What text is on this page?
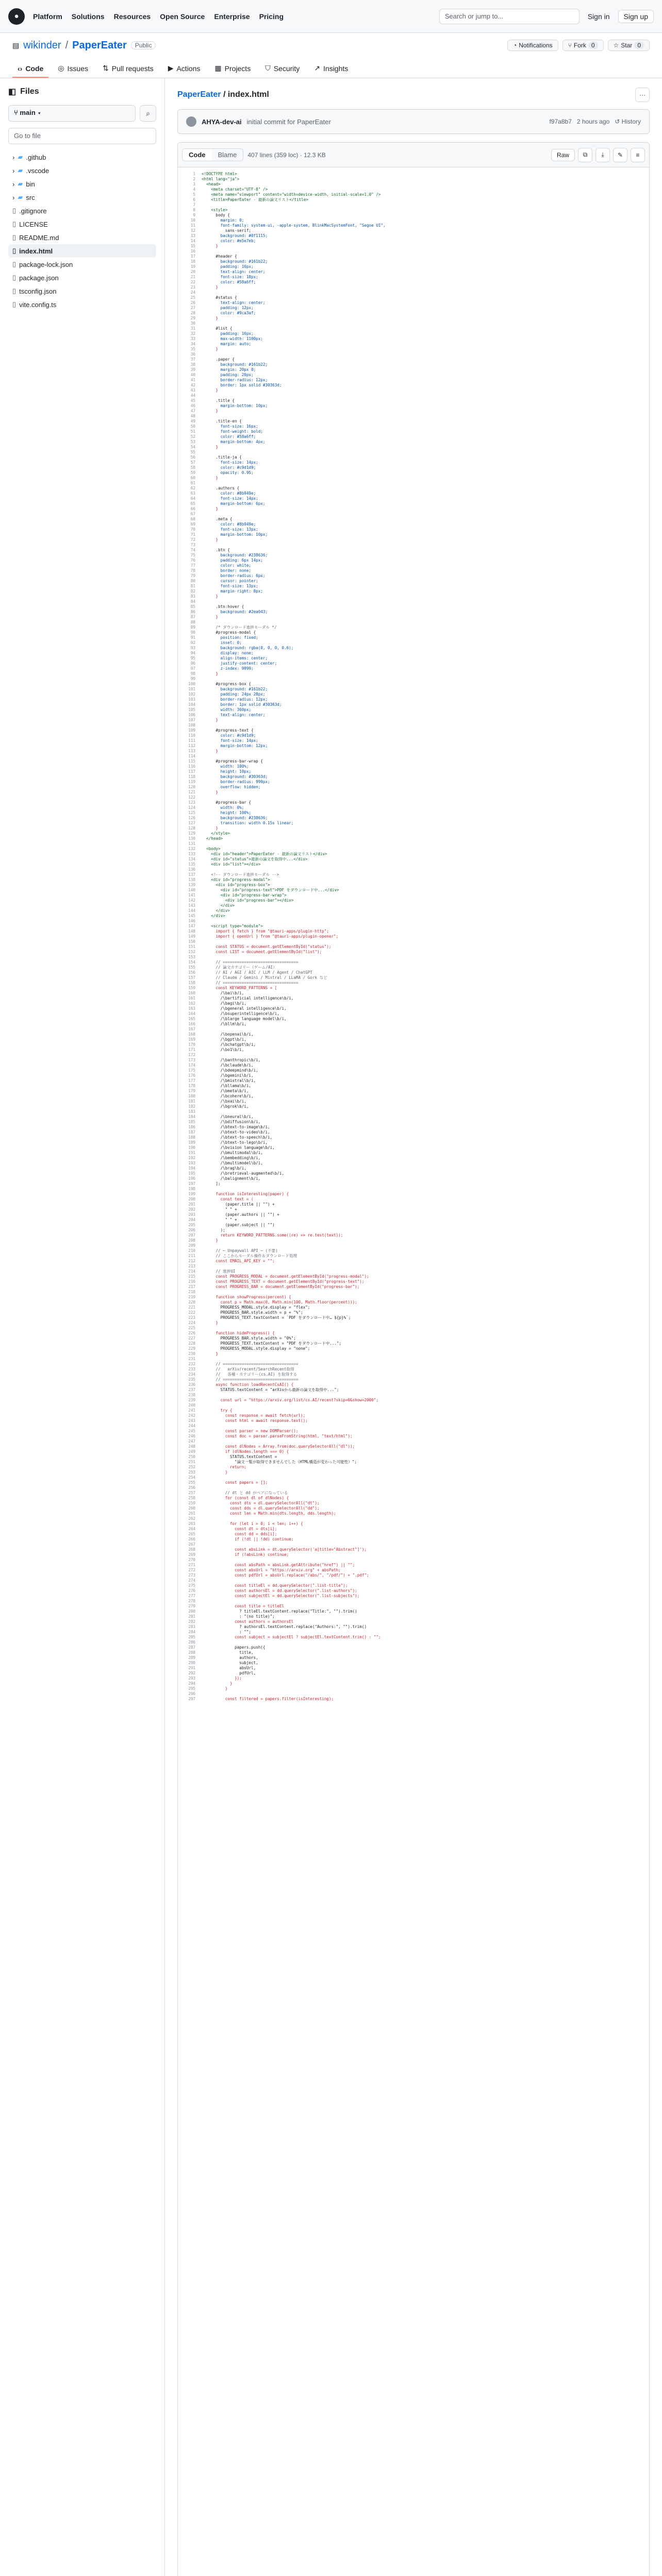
●	Platform Solutions Resources Open Source Enterprise Pricing	Search or jump to...	Sign in	Sign up
▤ wikinder / PaperEater	Public	◔ Notifications	⑂ Fork 0	☆ Star 0
‹› Code ◎ Issues ⇅ Pull requests ▶ Actions ▦ Projects ⛉ Security ↗ Insights
◧ Files
⑂ main ▾	⌕
Go to file
› ▰ .github
› ▰ .vscode
› ▰ bin
› ▰ src
▯ .gitignore
▯ LICENSE
▯ README.md
▯ index.html
▯ package-lock.json
▯ package.json
▯ tsconfig.json
▯ vite.config.ts
PaperEater / index.html	···
AHYA-dev-ai initial commit for PaperEater	f97a8b7 2 hours ago ↺ History
Code	Blame	407 lines (359 loc) · 12.3 KB	Raw	⧉	⤓	✎	≡
1	<!DOCTYPE html>
2	<html lang="ja">
3	<head>
4	<meta charset="UTF-8" />
5	<meta name="viewport" content="width=device-width, initial-scale=1.0" />
6	<title>PaperEater - 最新の論文リスト</title>
7
8	<style>
9	body {
10	margin: 0;
11	font-family: system-ui, -apple-system, BlinkMacSystemFont, "Segoe UI",
12	sans-serif;
13	background: #0f1115;
14	color: #e5e7eb;
15	}
16
17	#header {
18	background: #161b22;
19	padding: 16px;
20	text-align: center;
21	font-size: 18px;
22	color: #58a6ff;
23	}
24
25	#status {
26	text-align: center;
27	padding: 12px;
28	color: #9ca3af;
29	}
30
31	#list {
32	padding: 16px;
33	max-width: 1100px;
34	margin: auto;
35	}
36
37	.paper {
38	background: #161b22;
39	margin: 20px 0;
40	padding: 20px;
41	border-radius: 12px;
42	border: 1px solid #30363d;
43	}
44
45	.title {
46	margin-bottom: 10px;
47	}
48
49	.title-en {
50	font-size: 16px;
51	font-weight: bold;
52	color: #58a6ff;
53	margin-bottom: 4px;
54	}
55
56	.title-ja {
57	font-size: 14px;
58	color: #c9d1d9;
59	opacity: 0.95;
60	}
61
62	.authors {
63	color: #8b949e;
64	font-size: 14px;
65	margin-bottom: 6px;
66	}
67
68	.meta {
69	color: #8b949e;
70	font-size: 13px;
71	margin-bottom: 10px;
72	}
73
74	.btn {
75	background: #238636;
76	padding: 6px 14px;
77	color: white;
78	border: none;
79	border-radius: 6px;
80	cursor: pointer;
81	font-size: 13px;
82	margin-right: 8px;
83	}
84
85	.btn:hover {
86	background: #2ea043;
87	}
88
89	/* ダウンロード進捗モーダル */
90	#progress-modal {
91	position: fixed;
92	inset: 0;
93	background: rgba(0, 0, 0, 0.6);
94	display: none;
95	align-items: center;
96	justify-content: center;
97	z-index: 9999;
98	}
99
100	#progress-box {
101	background: #161b22;
102	padding: 24px 28px;
103	border-radius: 12px;
104	border: 1px solid #30363d;
105	width: 360px;
106	text-align: center;
107	}
108
109	#progress-text {
110	color: #c9d1d9;
111	font-size: 14px;
112	margin-bottom: 12px;
113	}
114
115	#progress-bar-wrap {
116	width: 100%;
117	height: 10px;
118	background: #30363d;
119	border-radius: 999px;
120	overflow: hidden;
121	}
122
123	#progress-bar {
124	width: 0%;
125	height: 100%;
126	background: #238636;
127	transition: width 0.15s linear;
128	}
129	</style>
130	</head>
131
132	<body>
133	<div id="header">PaperEater - 最新の論文リスト</div>
134	<div id="status">最新の論文を取得中...</div>
135	<div id="list"></div>
136
137	<!-- ダウンロード進捗モーダル -->
138	<div id="progress-modal">
139	<div id="progress-box">
140	<div id="progress-text">PDF をダウンロード中...</div>
141	<div id="progress-bar-wrap">
142	<div id="progress-bar"></div>
143	</div>
144	</div>
145	</div>
146
147	<script type="module">
148	import { fetch } from "@tauri-apps/plugin-http";
149	import { openUrl } from "@tauri-apps/plugin-opener";
150
151	const STATUS = document.getElementById("status");
152	const LIST = document.getElementById("list");
153
154	// ================================
155	// 論文カテゴリー（ゲーム/AI）
156	// AI / AGI / AIC / LLM / Agent / ChatGPT
157	// Claude / Gemini / Mistral / LLaMA / Gork など
158	// ================================
159	const KEYWORD_PATTERNS = [
160	/\bai\b/i,
161	/\bartificial intelligence\b/i,
162	/\bagi\b/i,
163	/\bgeneral intelligence\b/i,
164	/\bsuperintelligence\b/i,
165	/\blarge language model\b/i,
166	/\bllm\b/i,
167
168	/\bopenai\b/i,
169	/\bgpt\b/i,
170	/\bchatgpt\b/i,
171	/\bo1\b/i,
172
173	/\banthropic\b/i,
174	/\bclaude\b/i,
175	/\bdeepmind\b/i,
176	/\bgemini\b/i,
177	/\bmistral\b/i,
178	/\bllama\b/i,
179	/\bmeta\b/i,
180	/\bcohere\b/i,
181	/\bxai\b/i,
182	/\bgrok\b/i,
183
184	/\bneural\b/i,
185	/\bdiffusion\b/i,
186	/\btext-to-image\b/i,
187	/\btext-to-video\b/i,
188	/\btext-to-speech\b/i,
189	/\btext-to-lego\b/i,
190	/\bvision language\b/i,
191	/\bmultimodal\b/i,
192	/\bembedding\b/i,
193	/\bmultimodel\b/i,
194	/\brag\b/i,
195	/\bretrieval-augmented\b/i,
196	/\balignment\b/i,
197	];
198
199	function isInteresting(paper) {
200	const text = (
201	(paper.title || "") +
202	" " +
203	(paper.authors || "") +
204	" " +
205	(paper.subject || "")
206	);
207	return KEYWORD_PATTERNS.some((re) => re.test(text));
208	}
209
210	// ─ Unpaywall API ─ (不要)
211	// ここからモーダル操作＆ダウンロード処理
212	const EMAIL_API_KEY = "";
213
214	// 進捗UI
215	const PROGRESS_MODAL = document.getElementById("progress-modal");
216	const PROGRESS_TEXT = document.getElementById("progress-text");
217	const PROGRESS_BAR = document.getElementById("progress-bar");
218
219	function showProgress(percent) {
220	const p = Math.max(0, Math.min(100, Math.floor(percent)));
221	PROGRESS_MODAL.style.display = "flex";
222	PROGRESS_BAR.style.width = p + "%";
223	PROGRESS_TEXT.textContent = `PDF をダウンロード中… ${p}%`;
224	}
225
226	function hideProgress() {
227	PROGRESS_BAR.style.width = "0%";
228	PROGRESS_TEXT.textContent = "PDF をダウンロード中...";
229	PROGRESS_MODAL.style.display = "none";
230	}
231
232	// ================================
233	//   arXiv/recent/SearchRecent取得
234	//   各種・カテゴリー(cs.AI) を取得する
235	// ================================
236	async function loadRecentCsAI() {
237	STATUS.textContent = "arXivから最新の論文を取得中...";
238
239	const url = "https://arxiv.org/list/cs.AI/recent?skip=0&show=2000";
240
241	try {
242	const response = await fetch(url);
243	const html = await response.text();
244
245	const parser = new DOMParser();
246	const doc = parser.parseFromString(html, "text/html");
247
248	const dlNodes = Array.from(doc.querySelectorAll("dl"));
249	if (dlNodes.length === 0) {
250	STATUS.textContent =
251	"論文一覧が取得できませんでした（HTML構造が変わった可能性）";
252	return;
253	}
254
255	const papers = [];
256
257	// dt と dd がペアになっている
258	for (const dl of dlNodes) {
259	const dts = dl.querySelectorAll("dt");
260	const dds = dl.querySelectorAll("dd");
261	const len = Math.min(dts.length, dds.length);
262
263	for (let i = 0; i < len; i++) {
264	const dt = dts[i];
265	const dd = dds[i];
266	if (!dt || !dd) continue;
267
268	const absLink = dt.querySelector('a[title="Abstract"]');
269	if (!absLink) continue;
270
271	const absPath = absLink.getAttribute("href") || "";
272	const absUrl = "https://arxiv.org" + absPath;
273	const pdfUrl = absUrl.replace("/abs/", "/pdf/") + ".pdf";
274
275	const titleEl = dd.querySelector(".list-title");
276	const authorsEl = dd.querySelector(".list-authors");
277	const subjectEl = dd.querySelector(".list-subjects");
278
279	const title = titleEl
280	? titleEl.textContent.replace("Title:", "").trim()
281	: "(no title)";
282	const authors = authorsEl
283	? authorsEl.textContent.replace("Authors:", "").trim()
284	: "";
285	const subject = subjectEl ? subjectEl.textContent.trim() : "";
286
287	papers.push({
288	title,
289	authors,
290	subject,
291	absUrl,
292	pdfUrl,
293	});
294	}
295	}
296
297	const filtered = papers.filter(isInteresting);
